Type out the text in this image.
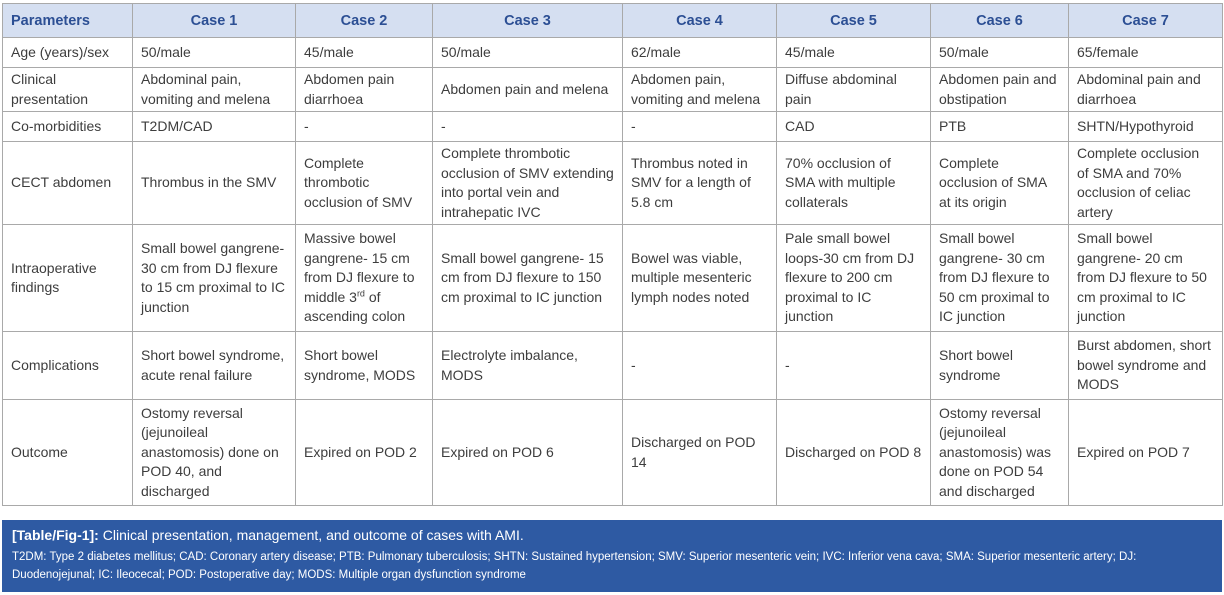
Parameters	Case 1	Case 2	Case 3	Case 4	Case 5	Case 6	Case 7
Age (years)/sex	50/male	45/male	50/male	62/male	45/male	50/male	65/female
Clinical presentation	Abdominal pain, vomiting and melena	Abdomen pain diarrhoea	Abdomen pain and melena	Abdomen pain, vomiting and melena	Diffuse abdominal pain	Abdomen pain and obstipation	Abdominal pain and diarrhoea
Co-morbidities	T2DM/CAD	-	-	-	CAD	PTB	SHTN/Hypothyroid
CECT abdomen	Thrombus in the SMV	Complete thrombotic occlusion of SMV	Complete thrombotic occlusion of SMV extending into portal vein and intrahepatic IVC	Thrombus noted in SMV for a length of 5.8 cm	70% occlusion of SMA with multiple collaterals	Complete occlusion of SMA at its origin	Complete occlusion of SMA and 70% occlusion of celiac artery
Intraoperative findings	Small bowel gangrene- 30 cm from DJ flexure to 15 cm proximal to IC junction	Massive bowel gangrene- 15 cm from DJ flexure to middle 3rd of ascending colon	Small bowel gangrene- 15 cm from DJ flexure to 150 cm proximal to IC junction	Bowel was viable, multiple mesenteric lymph nodes noted	Pale small bowel loops-30 cm from DJ flexure to 200 cm proximal to IC junction	Small bowel gangrene- 30 cm from DJ flexure to 50 cm proximal to IC junction	Small bowel gangrene- 20 cm from DJ flexure to 50 cm proximal to IC junction
Complications	Short bowel syndrome, acute renal failure	Short bowel syndrome, MODS	Electrolyte imbalance, MODS	-	-	Short bowel syndrome	Burst abdomen, short bowel syndrome and MODS
Outcome	Ostomy reversal (jejunoileal anastomosis) done on POD 40, and discharged	Expired on POD 2	Expired on POD 6	Discharged on POD 14	Discharged on POD 8	Ostomy reversal (jejunoileal anastomosis) was done on POD 54 and discharged	Expired on POD 7
[Table/Fig-1]: Clinical presentation, management, and outcome of cases with AMI.
T2DM: Type 2 diabetes mellitus; CAD: Coronary artery disease; PTB: Pulmonary tuberculosis; SHTN: Sustained hypertension; SMV: Superior mesenteric vein; IVC: Inferior vena cava; SMA: Superior mesenteric artery; DJ: Duodenojejunal; IC: Ileocecal; POD: Postoperative day; MODS: Multiple organ dysfunction syndrome
